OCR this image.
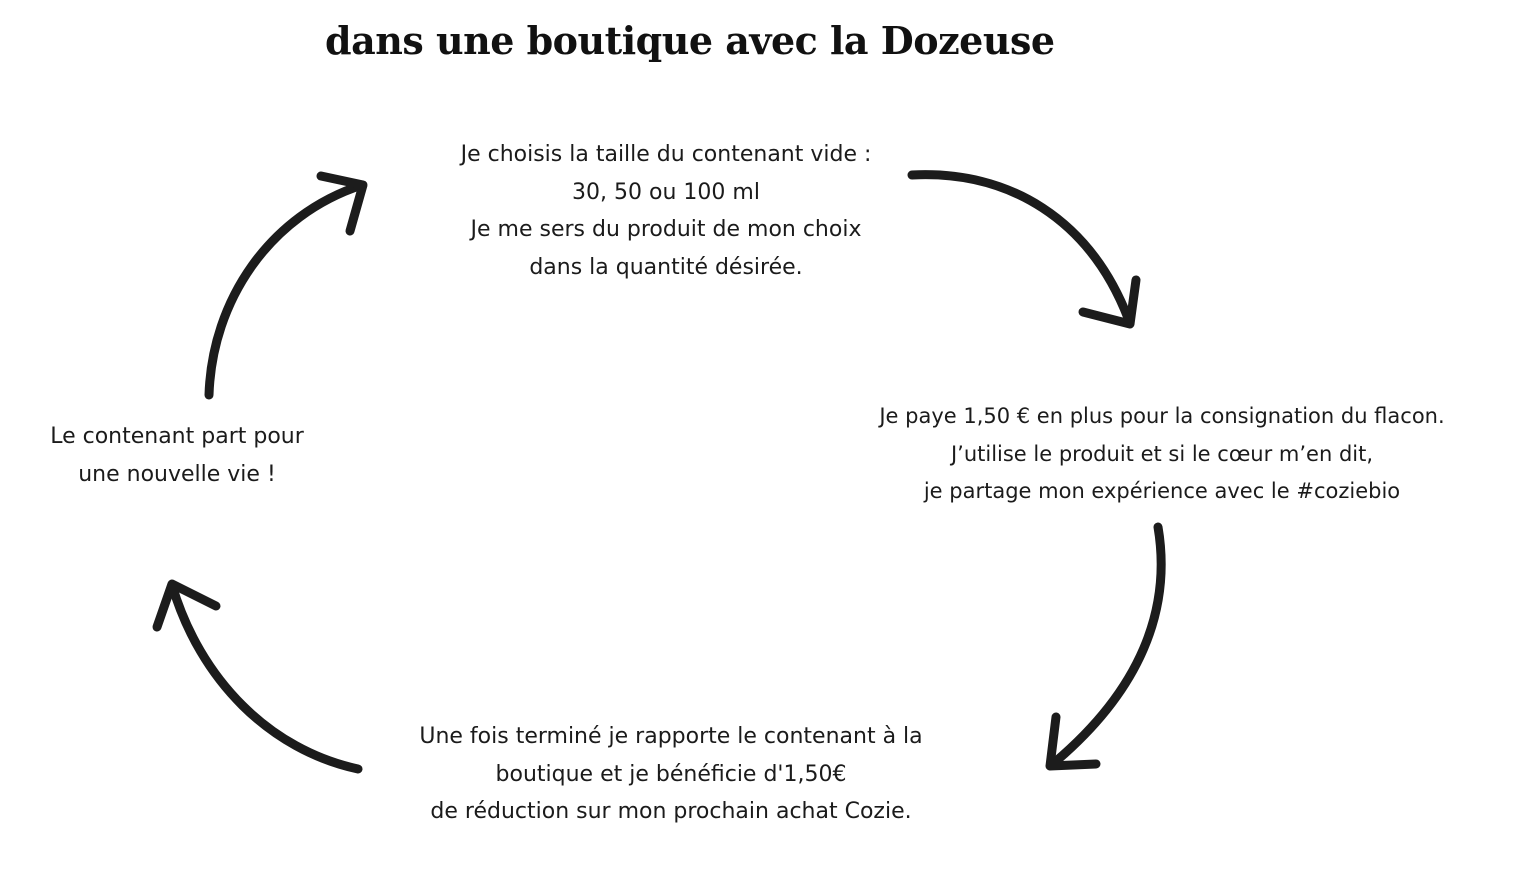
dans une boutique avec la Dozeuse
Je choisis la taille du contenant vide :
30, 50 ou 100 ml
Je me sers du produit de mon choix
dans la quantité désirée.
Je paye 1,50 € en plus pour la consignation du flacon.
J’utilise le produit et si le cœur m’en dit,
je partage mon expérience avec le #coziebio
Une fois terminé je rapporte le contenant à la
boutique et je bénéficie d'1,50€
de réduction sur mon prochain achat Cozie.
Le contenant part pour
une nouvelle vie !
